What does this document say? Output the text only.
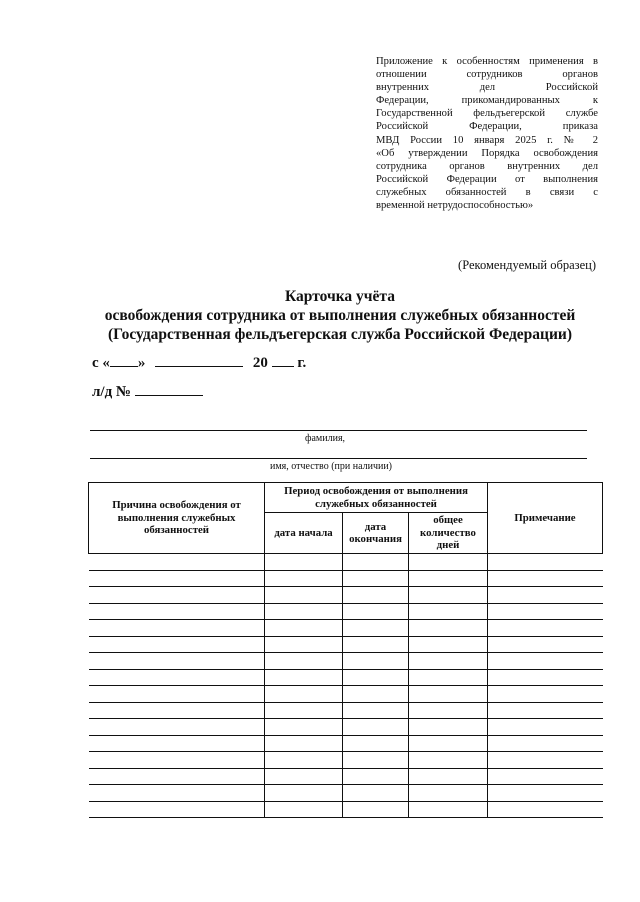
Приложение к особенностям применения в
отношении сотрудников органов
внутренних дел Российской
Федерации, прикомандированных к
Государственной фельдъегерской службе
Российской Федерации, приказа
МВД России 10 января 2025 г. № 2
«Об утверждении Порядка освобождения
сотрудника органов внутренних дел
Российской Федерации от выполнения
служебных обязанностей в связи с
временной нетрудоспособностью»
(Рекомендуемый образец)
Карточка учёта
освобождения сотрудника от выполнения служебных обязанностей
(Государственная фельдъегерская служба Российской Федерации)
с « »	20 г.
л/д №
фамилия,
имя, отчество (при наличии)
Причина освобождения от выполнения служебных обязанностей	Период освобождения от выполнения служебных обязанностей			Примечание
	дата начала	дата окончания	общее количество дней	
